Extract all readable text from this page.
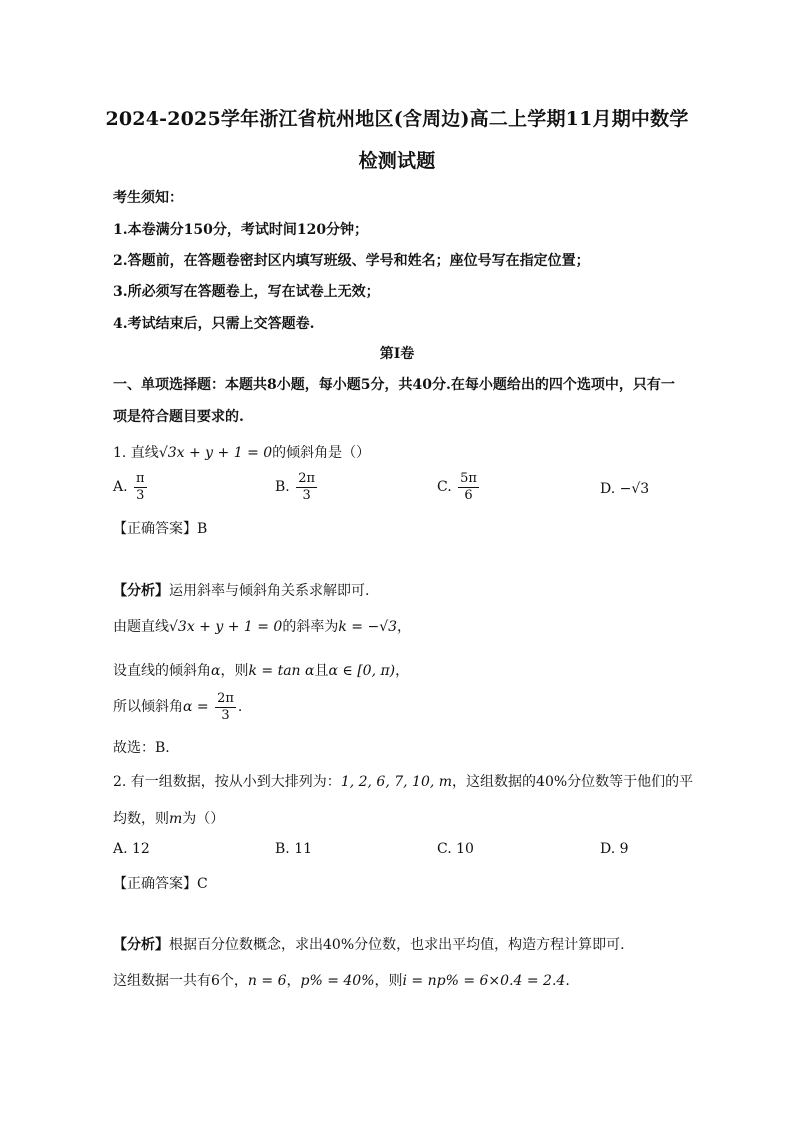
2024-2025学年浙江省杭州地区(含周边)高二上学期11月期中数学
检测试题
考生须知：
1.本卷满分150分，考试时间120分钟；
2.答题前，在答题卷密封区内填写班级、学号和姓名；座位号写在指定位置；
3.所必须写在答题卷上，写在试卷上无效；
4.考试结束后，只需上交答题卷.
第I卷
一、单项选择题：本题共8小题，每小题5分，共40分.在每小题给出的四个选项中，只有一
项是符合题目要求的.
1. 直线√3x + y + 1 = 0的倾斜角是（）
A. $\frac{\pi}{3}$	B. $\frac{2\pi}{3}$	C. $\frac{5\pi}{6}$	D. −√3
【正确答案】B
【分析】运用斜率与倾斜角关系求解即可.
由题直线√3x + y + 1 = 0的斜率为k = −√3，
设直线的倾斜角α，则k = tan α且α ∈ [0, π)，
所以倾斜角$\alpha = \frac{2\pi}{3}$ .
故选：B.
2. 有一组数据，按从小到大排列为：1, 2, 6, 7, 10, m，这组数据的40%分位数等于他们的平
均数，则m为（）
A. 12	B. 11	C. 10	D. 9
【正确答案】C
【分析】根据百分位数概念，求出40%分位数，也求出平均值，构造方程计算即可.
这组数据一共有6个，n = 6，p% = 40%，则i = np% = 6×0.4 = 2.4.
